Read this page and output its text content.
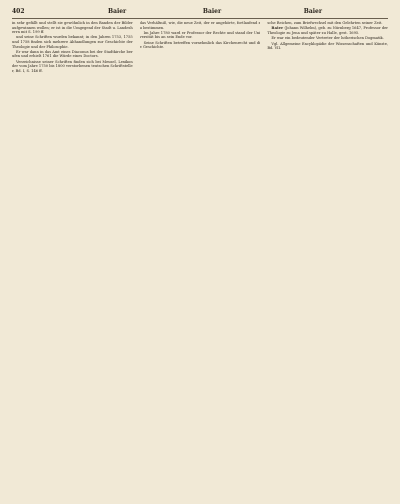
402	Baier	Baier	Baier

in sehr gefällt und stellt sie gewöhnlich in den Banden der Bilder aufgewinnen wollen; er ist in die Umgegend der Stadt u. Landesherrn mit S. 199 ff.

und seine Schriften wurden bekannt; in den Jahren 1753, 1755 und 1758 finden sich mehrere Abhandlungen zur Geschichte der Theologie und der Philosophie.

Er war dann in das Amt eines Diaconus bei der Stadtkirche berufen und erhielt 1761 die Würde eines Doctors.

Verzeichnisse seiner Schriften finden sich bei Meusel, Lexikon der vom Jahre 1750 bis 1800 verstorbenen teutschen Schriftsteller, Bd. I, S. 146 ff.

das Verhältniß, wie, die neue Zeit, der er angehörte, fortlaufend zu bestimmen.

Im Jahre 1780 ward er Professor der Rechte und stand der Universität bis an sein Ende vor.

Seine Schriften betreffen vornehmlich das Kirchenrecht und die Geschichte.

sche Reichen, zum Briefwechsel mit den Gelehrten seiner Zeit.

Baier (Johann Wilhelm), geb. zu Nürnberg 1647, Professor der Theologie zu Jena und später zu Halle, gest. 1695.

Er war ein bedeutender Vertreter der lutherischen Dogmatik.

Vgl. Allgemeine Encyklopädie der Wissenschaften und Künste, Bd. VII.
